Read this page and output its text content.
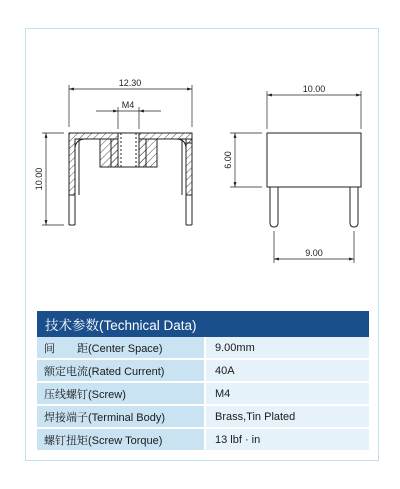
12.30
M4
10.00
10.00
6.00
9.00
技术参数(Technical Data)	
间　　距(Center Space)	9.00mm
额定电流(Rated Current)	40A
压线螺钉(Screw)	M4
焊接端子(Terminal Body)	Brass,Tin Plated
螺钉扭矩(Screw Torque)	13 lbf · in
